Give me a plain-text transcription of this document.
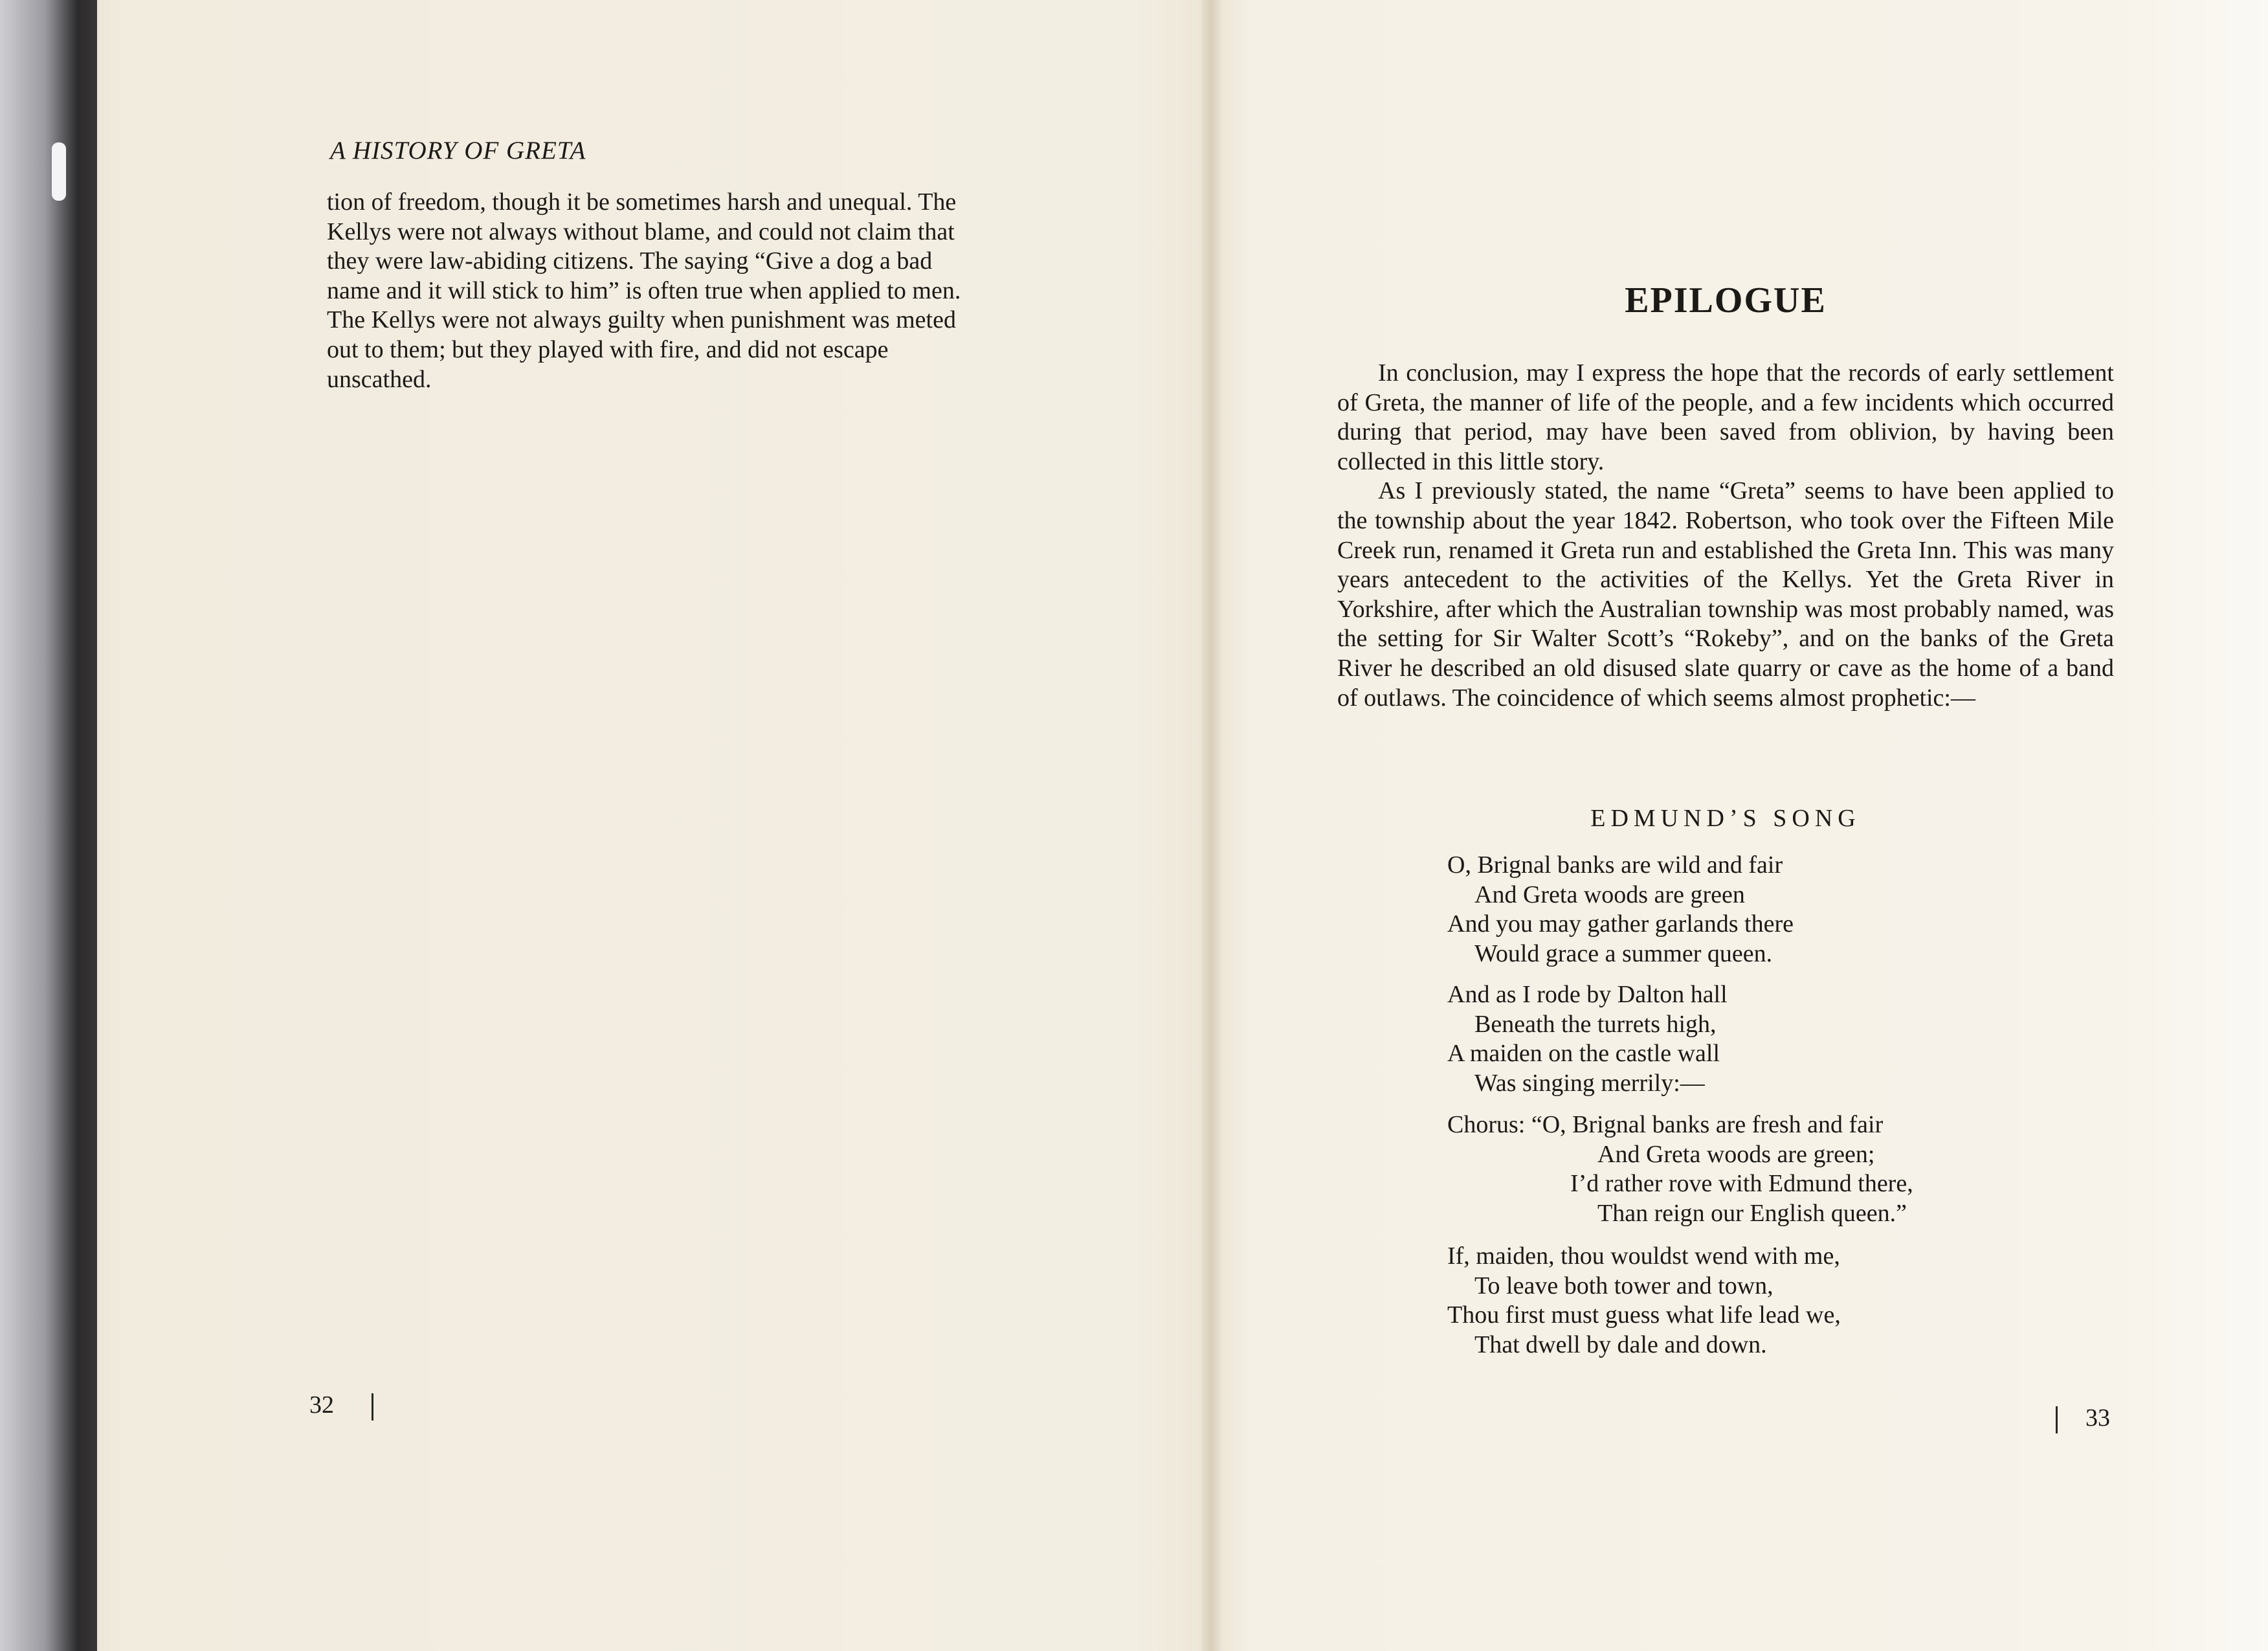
A HISTORY OF GRETA

tion of freedom, though it be sometimes harsh and unequal. The
Kellys were not always without blame, and could not claim that
they were law-abiding citizens. The saying “Give a dog a bad
name and it will stick to him” is often true when applied to men.
The Kellys were not always guilty when punishment was meted
out to them; but they played with fire, and did not escape
unscathed.

32

EPILOGUE

In conclusion, may I express the hope that the records of early settlement of Greta, the manner of life of the people, and a few incidents which occurred during that period, may have been saved from oblivion, by having been collected in this little story.

As I previously stated, the name “Greta” seems to have been applied to the township about the year 1842. Robertson, who took over the Fifteen Mile Creek run, renamed it Greta run and established the Greta Inn. This was many years antecedent to the activities of the Kellys. Yet the Greta River in Yorkshire, after which the Australian township was most probably named, was the setting for Sir Walter Scott’s “Rokeby”, and on the banks of the Greta River he described an old disused slate quarry or cave as the home of a band of outlaws. The coincidence of which seems almost prophetic:—

EDMUND’S SONG

O, Brignal banks are wild and fair
And Greta woods are green
And you may gather garlands there
Would grace a summer queen.
And as I rode by Dalton hall
Beneath the turrets high,
A maiden on the castle wall
Was singing merrily:—
Chorus: “O, Brignal banks are fresh and fair
And Greta woods are green;
I’d rather rove with Edmund there,
Than reign our English queen.”
If, maiden, thou wouldst wend with me,
To leave both tower and town,
Thou first must guess what life lead we,
That dwell by dale and down.

33
